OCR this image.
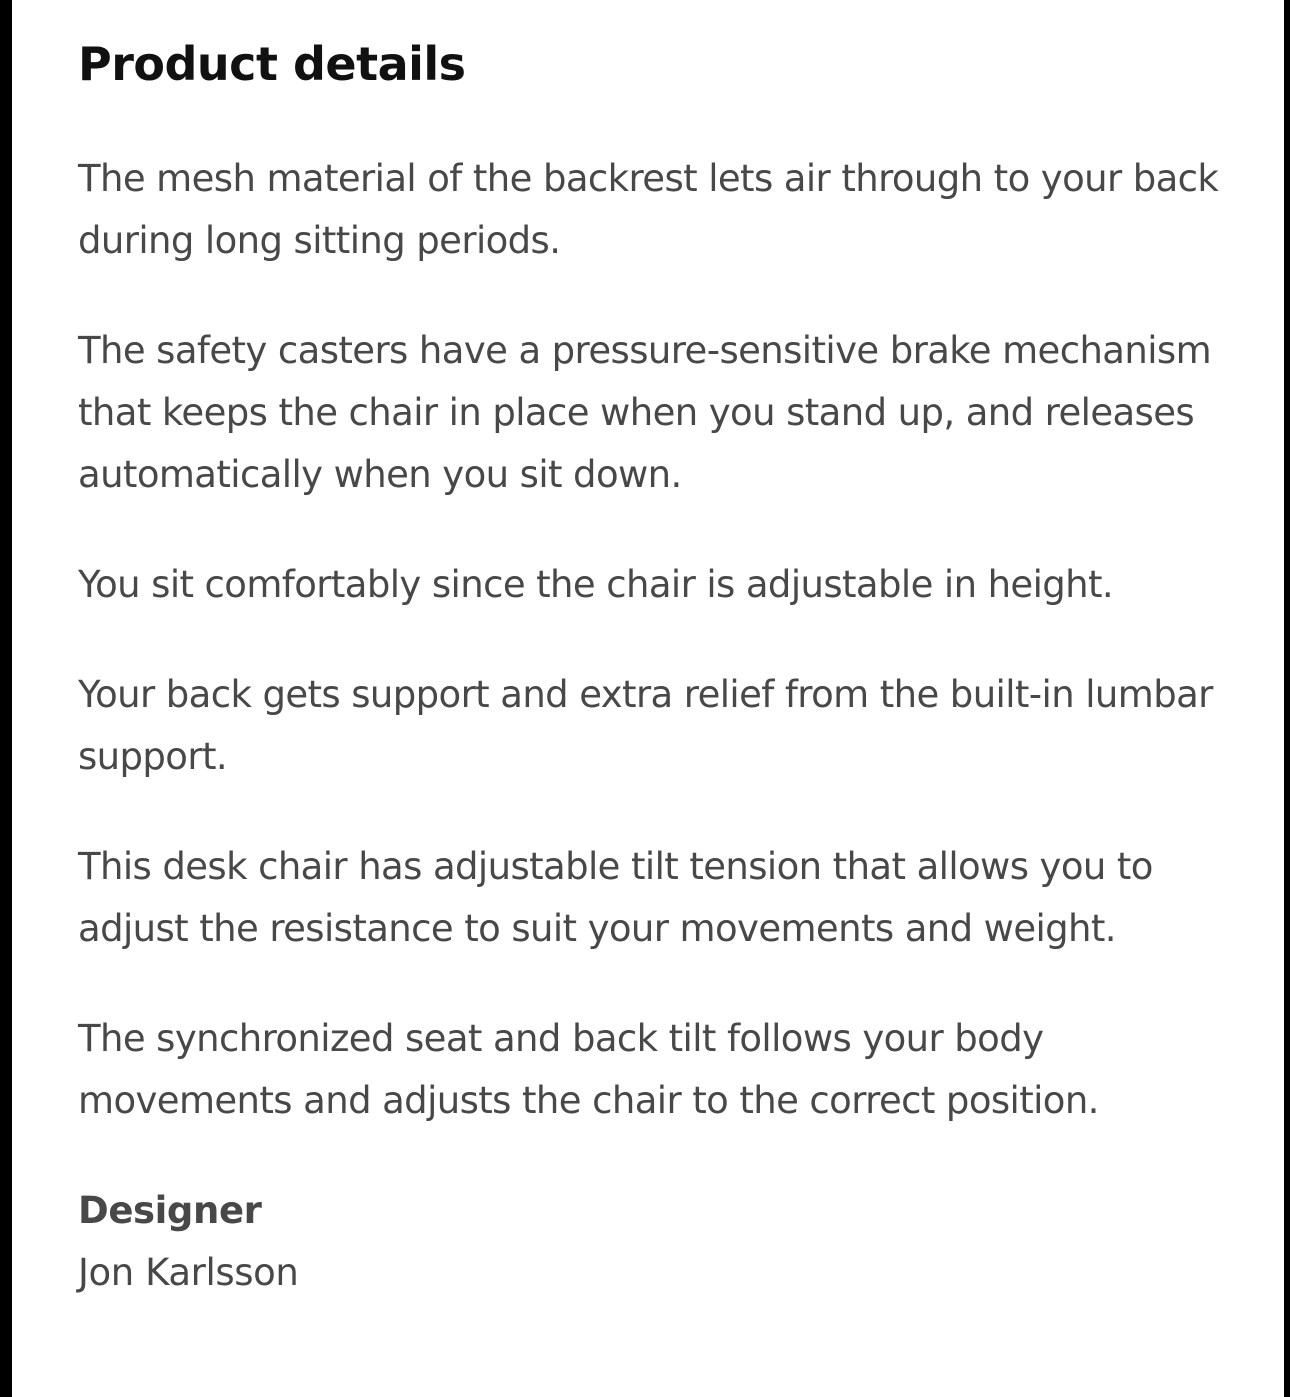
Product details

The mesh material of the backrest lets air through to your back during long sitting periods.

The safety casters have a pressure-sensitive brake mechanism that keeps the chair in place when you stand up, and releases automatically when you sit down.

You sit comfortably since the chair is adjustable in height.

Your back gets support and extra relief from the built-in lumbar support.

This desk chair has adjustable tilt tension that allows you to adjust the resistance to suit your movements and weight.

The synchronized seat and back tilt follows your body movements and adjusts the chair to the correct position.

Designer
Jon Karlsson
